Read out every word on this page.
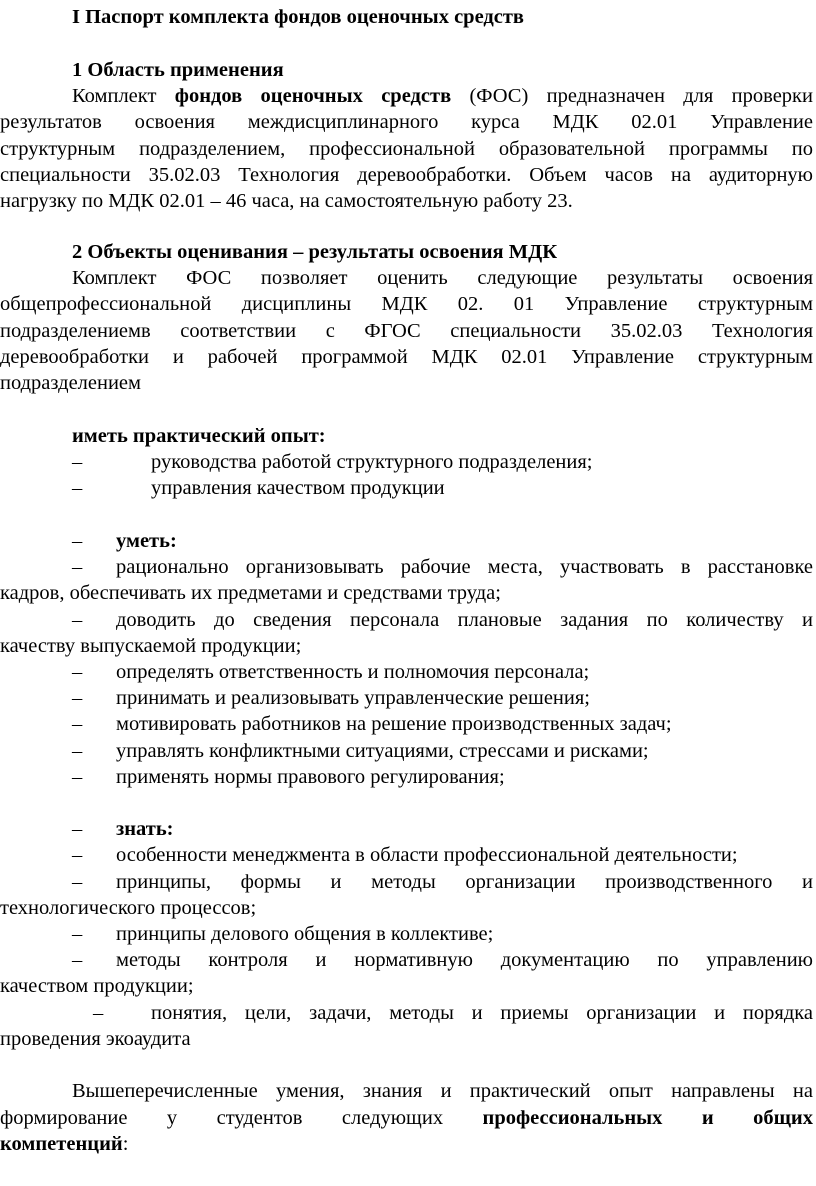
I Паспорт комплекта фондов оценочных средств
1 Область применения
Комплект фондов оценочных средств (ФОС) предназначен для проверки
результатов освоения междисциплинарного курса МДК 02.01 Управление
структурным подразделением, профессиональной образовательной программы по
специальности 35.02.03 Технология деревообработки. Объем часов на аудиторную
нагрузку по МДК 02.01 – 46 часа, на самостоятельную работу 23.
2 Объекты оценивания – результаты освоения МДК
Комплект ФОС позволяет оценить следующие результаты освоения
общепрофессиональной дисциплины МДК 02. 01 Управление структурным
подразделениемв соответствии с ФГОС специальности 35.02.03 Технология
деревообработки и рабочей программой МДК 02.01 Управление структурным
подразделением
иметь практический опыт:
–	руководства работой структурного подразделения;
–	управления качеством продукции
– уметь:
– рационально организовывать рабочие места, участвовать в расстановке
кадров, обеспечивать их предметами и средствами труда;
– доводить до сведения персонала плановые задания по количеству и
качеству выпускаемой продукции;
– определять ответственность и полномочия персонала;
– принимать и реализовывать управленческие решения;
– мотивировать работников на решение производственных задач;
– управлять конфликтными ситуациями, стрессами и рисками;
– применять нормы правового регулирования;
– знать:
– особенности менеджмента в области профессиональной деятельности;
– принципы, формы и методы организации производственного и
технологического процессов;
– принципы делового общения в коллективе;
– методы контроля и нормативную документацию по управлению
качеством продукции;
– понятия, цели, задачи, методы и приемы организации и порядка
проведения экоаудита
Вышеперечисленные умения, знания и практический опыт направлены на
формирование у студентов следующих профессиональных и общих
компетенций:
